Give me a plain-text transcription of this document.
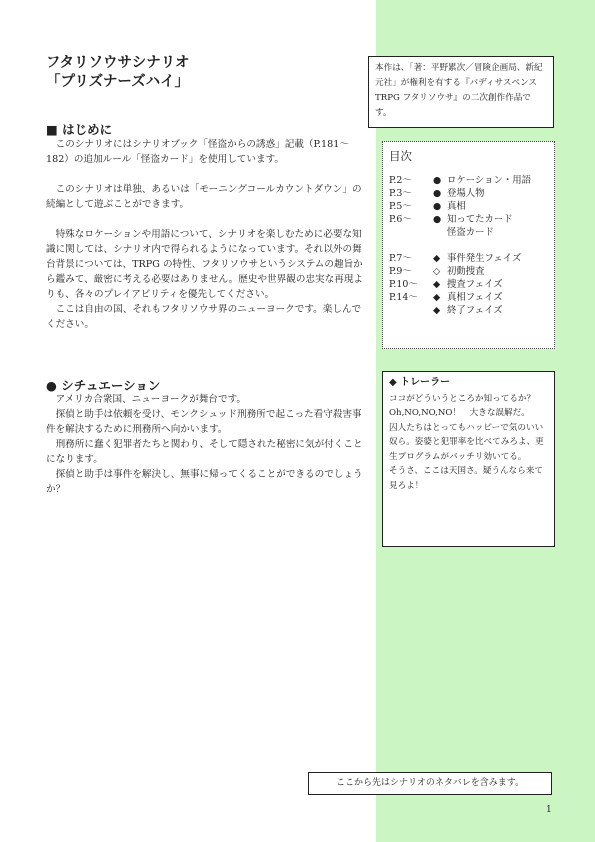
フタリソウサシナリオ
「プリズナーズハイ」
■ はじめに

　このシナリオにはシナリオブック「怪盗からの誘惑」記載（P.181～182）の追加ルール「怪盗カード」を使用しています。

　このシナリオは単独、あるいは「モーニングコールカウントダウン」の続編として遊ぶことができます。

　特殊なロケーションや用語について、シナリオを楽しむために必要な知識に関しては、シナリオ内で得られるようになっています。それ以外の舞台背景については、TRPG の特性、フタリソウサというシステムの趣旨から鑑みて、厳密に考える必要はありません。歴史や世界観の忠実な再現よりも、各々のプレイアビリティを優先してください。

　ここは自由の国、それもフタリソウサ界のニューヨークです。楽しんでください。

● シチュエーション

　アメリカ合衆国、ニューヨークが舞台です。

　探偵と助手は依頼を受け、モンクシュッド刑務所で起こった看守殺害事件を解決するために刑務所へ向かいます。

　刑務所に蠢く犯罪者たちと関わり、そして隠された秘密に気が付くことになります。

　探偵と助手は事件を解決し、無事に帰ってくることができるのでしょうか？

本作は、「著：平野累次／冒険企画局、新紀元社」が権利を有する『バディサスペンス TRPG フタリソウサ』の二次創作作品です。
目次
P.2～	● ロケーション・用語
P.3～	● 登場人物
P.5～	● 真相
P.6～	● 知ってたカード
怪盗カード
P.7～	◆ 事件発生フェイズ
P.9～	◇ 初動捜査
P.10～	◆ 捜査フェイズ
P.14～	◆ 真相フェイズ
◆ 終了フェイズ
◆ トレーラー

ココがどういうところか知ってるか？

Oh,NO,NO,NO！　大きな誤解だ。

囚人たちはとってもハッピーで気のいい奴ら。姿婆と犯罪率を比べてみろよ、更生プログラムがバッチリ効いてる。

そうさ、ここは天国さ。疑うんなら来て見ろよ！

ここから先はシナリオのネタバレを含みます。
1
